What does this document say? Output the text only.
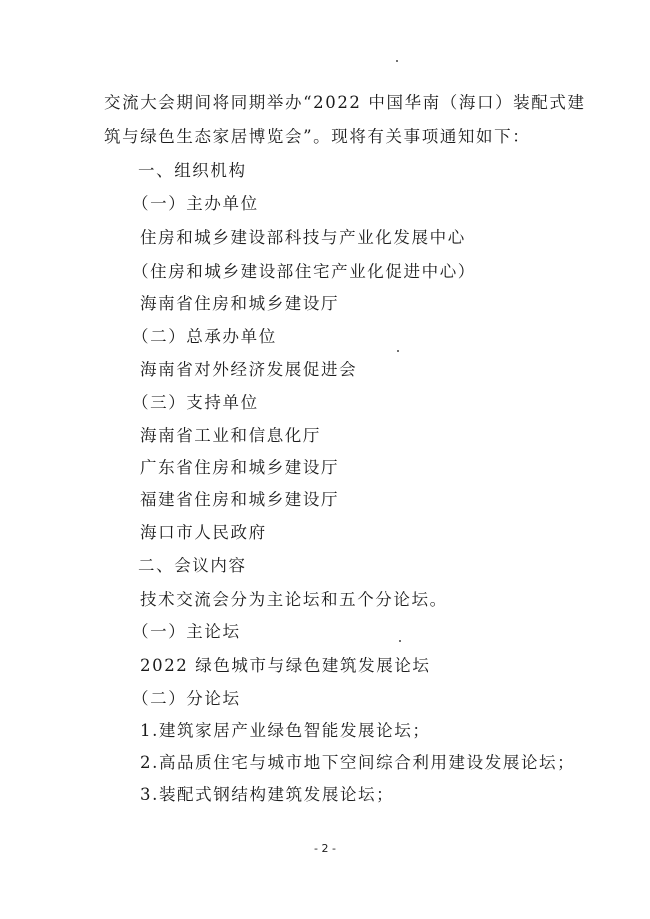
交流大会期间将同期举办“2022 中国华南（海口）装配式建
筑与绿色生态家居博览会”。现将有关事项通知如下：
一、组织机构
（一）主办单位
住房和城乡建设部科技与产业化发展中心
（住房和城乡建设部住宅产业化促进中心）
海南省住房和城乡建设厅
（二）总承办单位
海南省对外经济发展促进会
（三）支持单位
海南省工业和信息化厅
广东省住房和城乡建设厅
福建省住房和城乡建设厅
海口市人民政府
二、会议内容
技术交流会分为主论坛和五个分论坛。
（一）主论坛
2022 绿色城市与绿色建筑发展论坛
（二）分论坛
1.建筑家居产业绿色智能发展论坛；
2.高品质住宅与城市地下空间综合利用建设发展论坛；
3.装配式钢结构建筑发展论坛；
- 2 -
